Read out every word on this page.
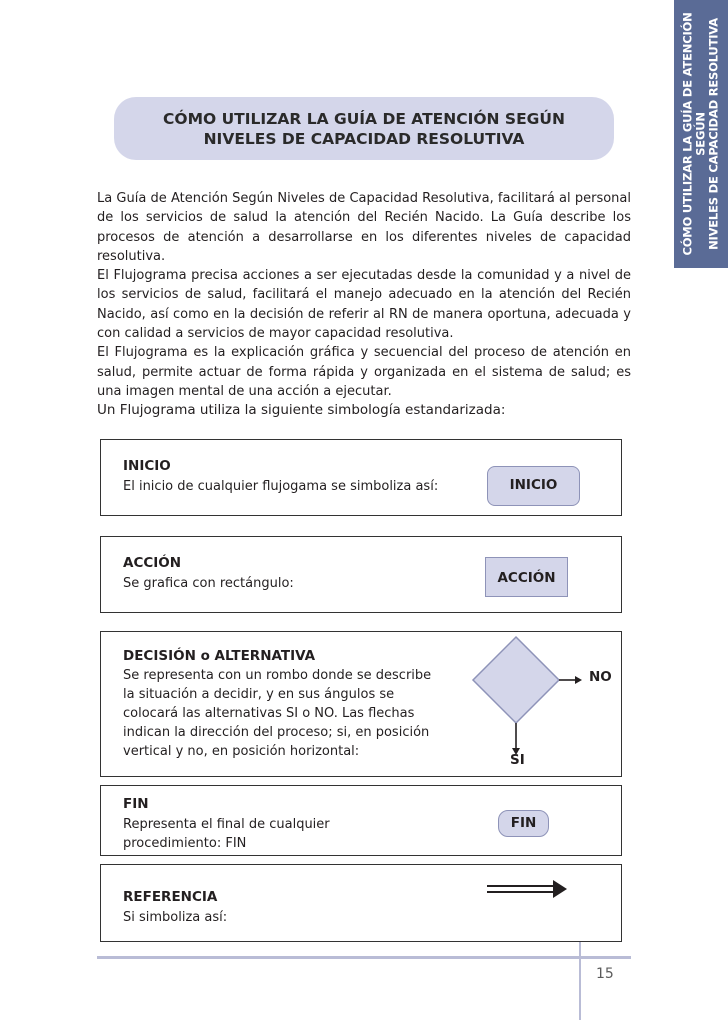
CÓMO UTILIZAR LA GUÍA DE ATENCIÓN SEGÚN NIVELES DE CAPACIDAD RESOLUTIVA
CÓMO UTILIZAR LA GUÍA DE ATENCIÓN SEGÚN
NIVELES DE CAPACIDAD RESOLUTIVA

La Guía de Atención Según Niveles de Capacidad Resolutiva, facilitará al personal de los servicios de salud la atención del Recién Nacido. La Guía describe los procesos de atención a desarrollarse en los diferentes niveles de capacidad resolutiva.

El Flujograma precisa acciones a ser ejecutadas desde la comunidad y a nivel de los servicios de salud, facilitará el manejo adecuado en la atención del Recién Nacido, así como en la decisión de referir al RN de manera oportuna, adecuada y con calidad a servicios de mayor capacidad resolutiva.

El Flujograma es la explicación gráfica y secuencial del proceso de atención en salud, permite actuar de forma rápida y organizada en el sistema de salud; es una imagen mental de una acción a ejecutar.

Un Flujograma utiliza la siguiente simbología estandarizada:

INICIO
El inicio de cualquier flujogama se simboliza así:	INICIO
ACCIÓN
Se grafica con rectángulo:	ACCIÓN
DECISIÓN o ALTERNATIVA
Se representa con un rombo donde se describe
la situación a decidir, y en sus ángulos se
colocará las alternativas SI o NO. Las flechas
indican la dirección del proceso; si, en posición
vertical y no, en posición horizontal:
NO
SI
FIN
Representa el final de cualquier
procedimiento: FIN
FIN
REFERENCIA
Si simboliza así:
15
